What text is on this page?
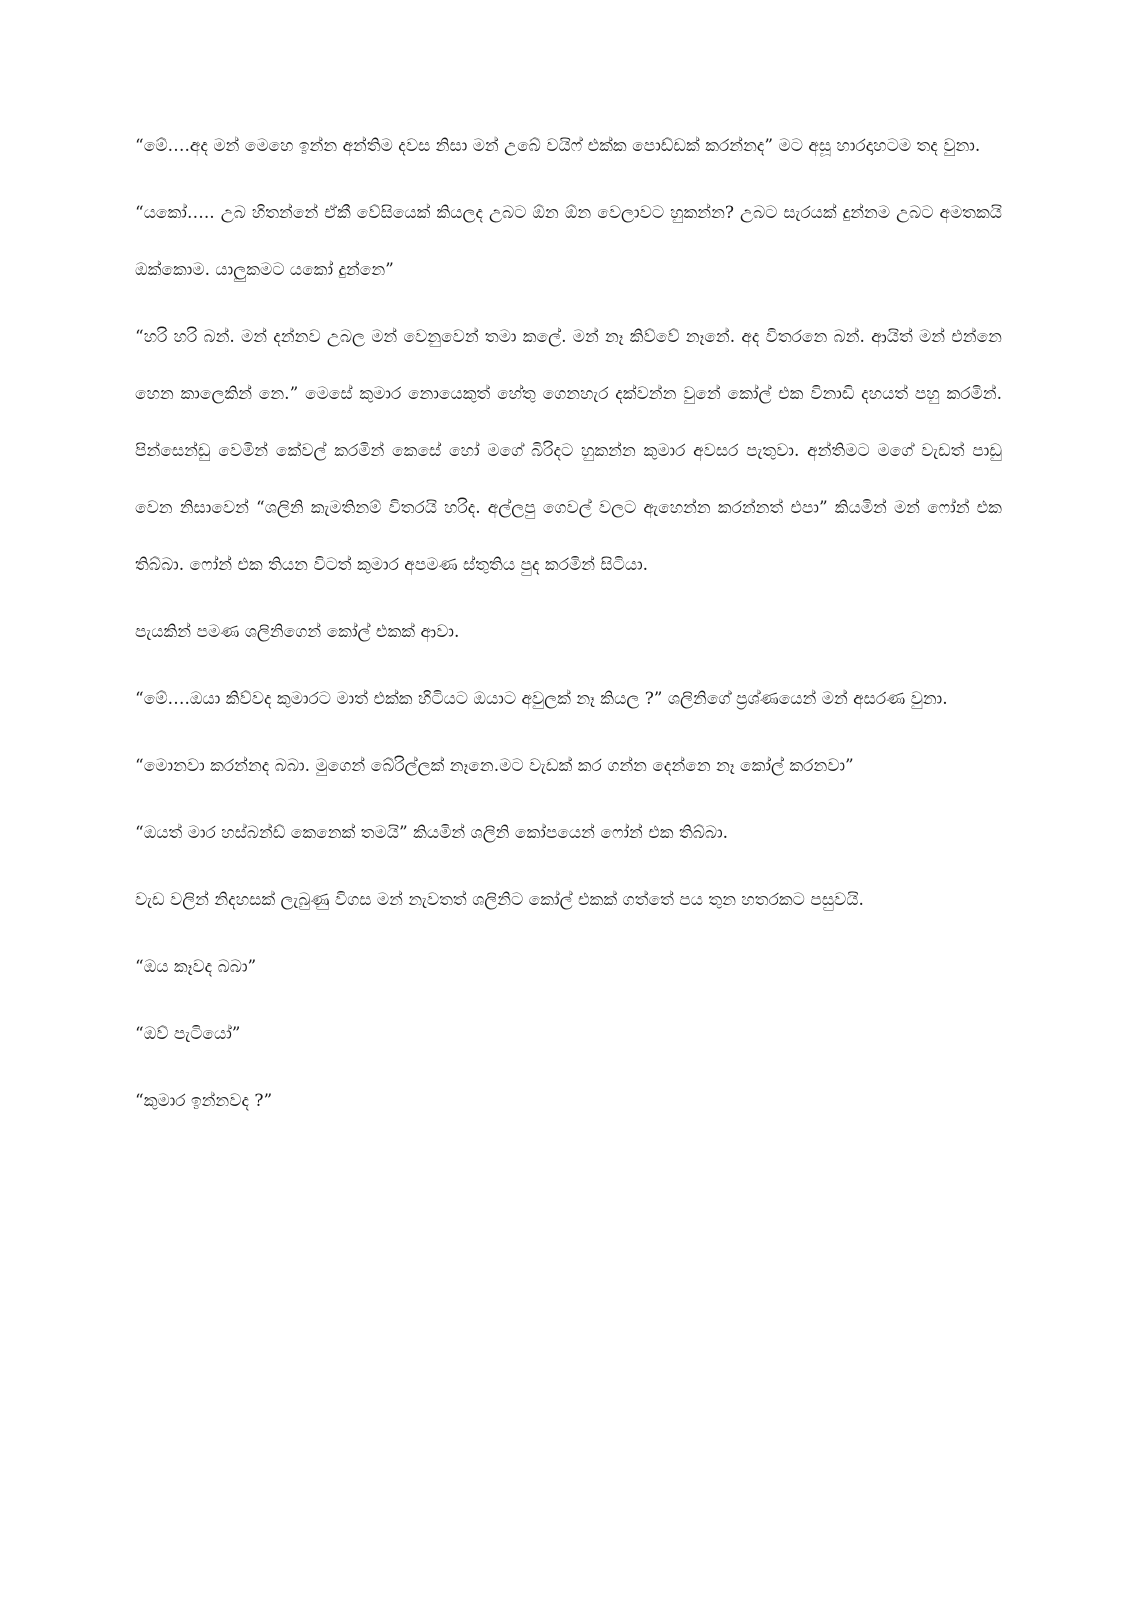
“මේ….අද මන් මෙහෙ ඉන්න අන්තිම දවස නිසා මන් උබේ වයිෆ් එක්ක පොඩ්ඩක් කරන්නද” මට අසූ හාරදාහටම තද වුනා.

“යකෝ….. උබ හිතන්නේ ඒකී වේසියෙක් කියලද උබට ඕන ඕන වෙලාවට හුකන්න? උබට සැරයක් දුන්නම උබට අමතකයි ඔක්කොම. යාලුකමට යකෝ දුන්නෙ”

“හරි හරි බන්. මන් දන්නව උබල මන් වෙනුවෙන් තමා කලේ. මන් නෑ කිව්වේ නෑනේ. අද විතරනෙ බන්. ආයිත් මන් එන්නෙ හෙන කාලෙකින් නෙ.” මෙසේ කුමාර නොයෙකුත් හේතු ගෙනහැර දක්වන්න වුනේ කෝල් එක විනාඩි දහයත් පහු කරමින්. පින්සෙන්ඩු වෙමින් කේවල් කරමින් කෙසේ හෝ මගේ බිරිදට හුකන්න කුමාර අවසර පැතුවා. අන්තිමට මගේ වැඩත් පාඩු වෙන නිසාවෙන් “ශලිනි කැමතිනම් විතරයි හරිද. අල්ලපු ගෙවල් වලට ඇහෙන්න කරන්නත් එපා” කියමින් මන් ෆෝන් එක තිබ්බා. ෆෝන් එක තියන විටත් කුමාර අපමණ ස්තුතිය පුද කරමින් සිටියා.

පැයකින් පමණ ශලිනිගෙන් කෝල් එකක් ආවා.

“මේ….ඔයා කිව්වද කුමාරට මාත් එක්ක හිටියට ඔයාට අවුලක් නෑ කියල ?” ශලිනිගේ ප්‍රශ්ණයෙන් මන් අසරණ වුනා.

“මොනවා කරන්නද බබා. මුගෙන් බේරිල්ලක් නෑනෙ.මට වැඩක් කර ගන්න දෙන්නෙ නෑ කෝල් කරනවා”

“ඔයත් මාර හස්බන්ඩ් කෙනෙක් තමයි” කියමින් ශලිනි කෝපයෙන් ෆෝන් එක තිබ්බා.

වැඩ වලින් නිදහසක් ලැබුණු විගස මන් නැවතත් ශලිනිට කෝල් එකක් ගත්තේ පය තුන හතරකට පසුවයි.

“ඔය කෑවද බබා”

“ඔව් පැටියෝ”

“කුමාර ඉන්නවද ?”
